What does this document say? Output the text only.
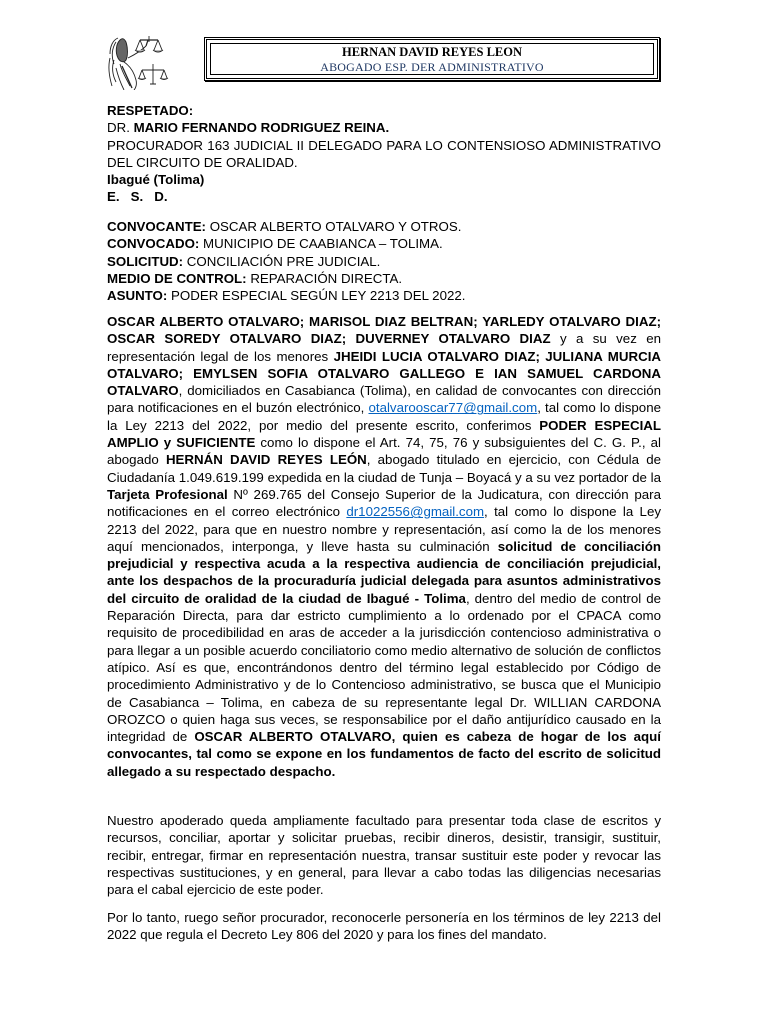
HERNAN DAVID REYES LEON
ABOGADO ESP. DER ADMINISTRATIVO

RESPETADO:

DR. MARIO FERNANDO RODRIGUEZ REINA.

PROCURADOR 163 JUDICIAL II DELEGADO PARA LO CONTENSIOSO ADMINISTRATIVO DEL CIRCUITO DE ORALIDAD.

Ibagué (Tolima)

E.   S.   D.

CONVOCANTE: OSCAR ALBERTO OTALVARO Y OTROS.

CONVOCADO: MUNICIPIO DE CAABIANCA – TOLIMA.

SOLICITUD: CONCILIACIÓN PRE JUDICIAL.

MEDIO DE CONTROL: REPARACIÓN DIRECTA.

ASUNTO: PODER ESPECIAL SEGÚN LEY 2213 DEL 2022.

OSCAR ALBERTO OTALVARO; MARISOL DIAZ BELTRAN; YARLEDY OTALVARO DIAZ; OSCAR SOREDY OTALVARO DIAZ; DUVERNEY OTALVARO DIAZ y a su vez en representación legal de los menores JHEIDI LUCIA OTALVARO DIAZ; JULIANA MURCIA OTALVARO; EMYLSEN SOFIA OTALVARO GALLEGO E IAN SAMUEL CARDONA OTALVARO, domiciliados en Casabianca (Tolima), en calidad de convocantes con dirección para notificaciones en el buzón electrónico, otalvarooscar77@gmail.com, tal como lo dispone la Ley 2213 del 2022, por medio del presente escrito, conferimos PODER ESPECIAL AMPLIO y SUFICIENTE como lo dispone el Art. 74, 75, 76 y subsiguientes del C. G. P., al abogado HERNÁN DAVID REYES LEÓN, abogado titulado en ejercicio, con Cédula de Ciudadanía 1.049.619.199 expedida en la ciudad de Tunja – Boyacá y a su vez portador de la Tarjeta Profesional Nº 269.765 del Consejo Superior de la Judicatura, con dirección para notificaciones en el correo electrónico dr1022556@gmail.com, tal como lo dispone la Ley 2213 del 2022, para que en nuestro nombre y representación, así como la de los menores aquí mencionados, interponga, y lleve hasta su culminación solicitud de conciliación prejudicial y respectiva acuda a la respectiva audiencia de conciliación prejudicial, ante los despachos de la procuraduría judicial delegada para asuntos administrativos del circuito de oralidad de la ciudad de Ibagué - Tolima, dentro del medio de control de Reparación Directa, para dar estricto cumplimiento a lo ordenado por el CPACA como requisito de procedibilidad en aras de acceder a la jurisdicción contencioso administrativa o para llegar a un posible acuerdo conciliatorio como medio alternativo de solución de conflictos atípico. Así es que, encontrándonos dentro del término legal establecido por Código de procedimiento Administrativo y de lo Contencioso administrativo, se busca que el Municipio de Casabianca – Tolima, en cabeza de su representante legal Dr. WILLIAN CARDONA OROZCO o quien haga sus veces, se responsabilice por el daño antijurídico causado en la integridad de OSCAR ALBERTO OTALVARO, quien es cabeza de hogar de los aquí convocantes, tal como se expone en los fundamentos de facto del escrito de solicitud allegado a su respectado despacho.

Nuestro apoderado queda ampliamente facultado para presentar toda clase de escritos y recursos, conciliar, aportar y solicitar pruebas, recibir dineros, desistir, transigir, sustituir, recibir, entregar, firmar en representación nuestra, transar sustituir este poder y revocar las respectivas sustituciones, y en general, para llevar a cabo todas las diligencias necesarias para el cabal ejercicio de este poder.

Por lo tanto, ruego señor procurador, reconocerle personería en los términos de ley 2213 del 2022 que regula el Decreto Ley 806 del 2020 y para los fines del mandato.
